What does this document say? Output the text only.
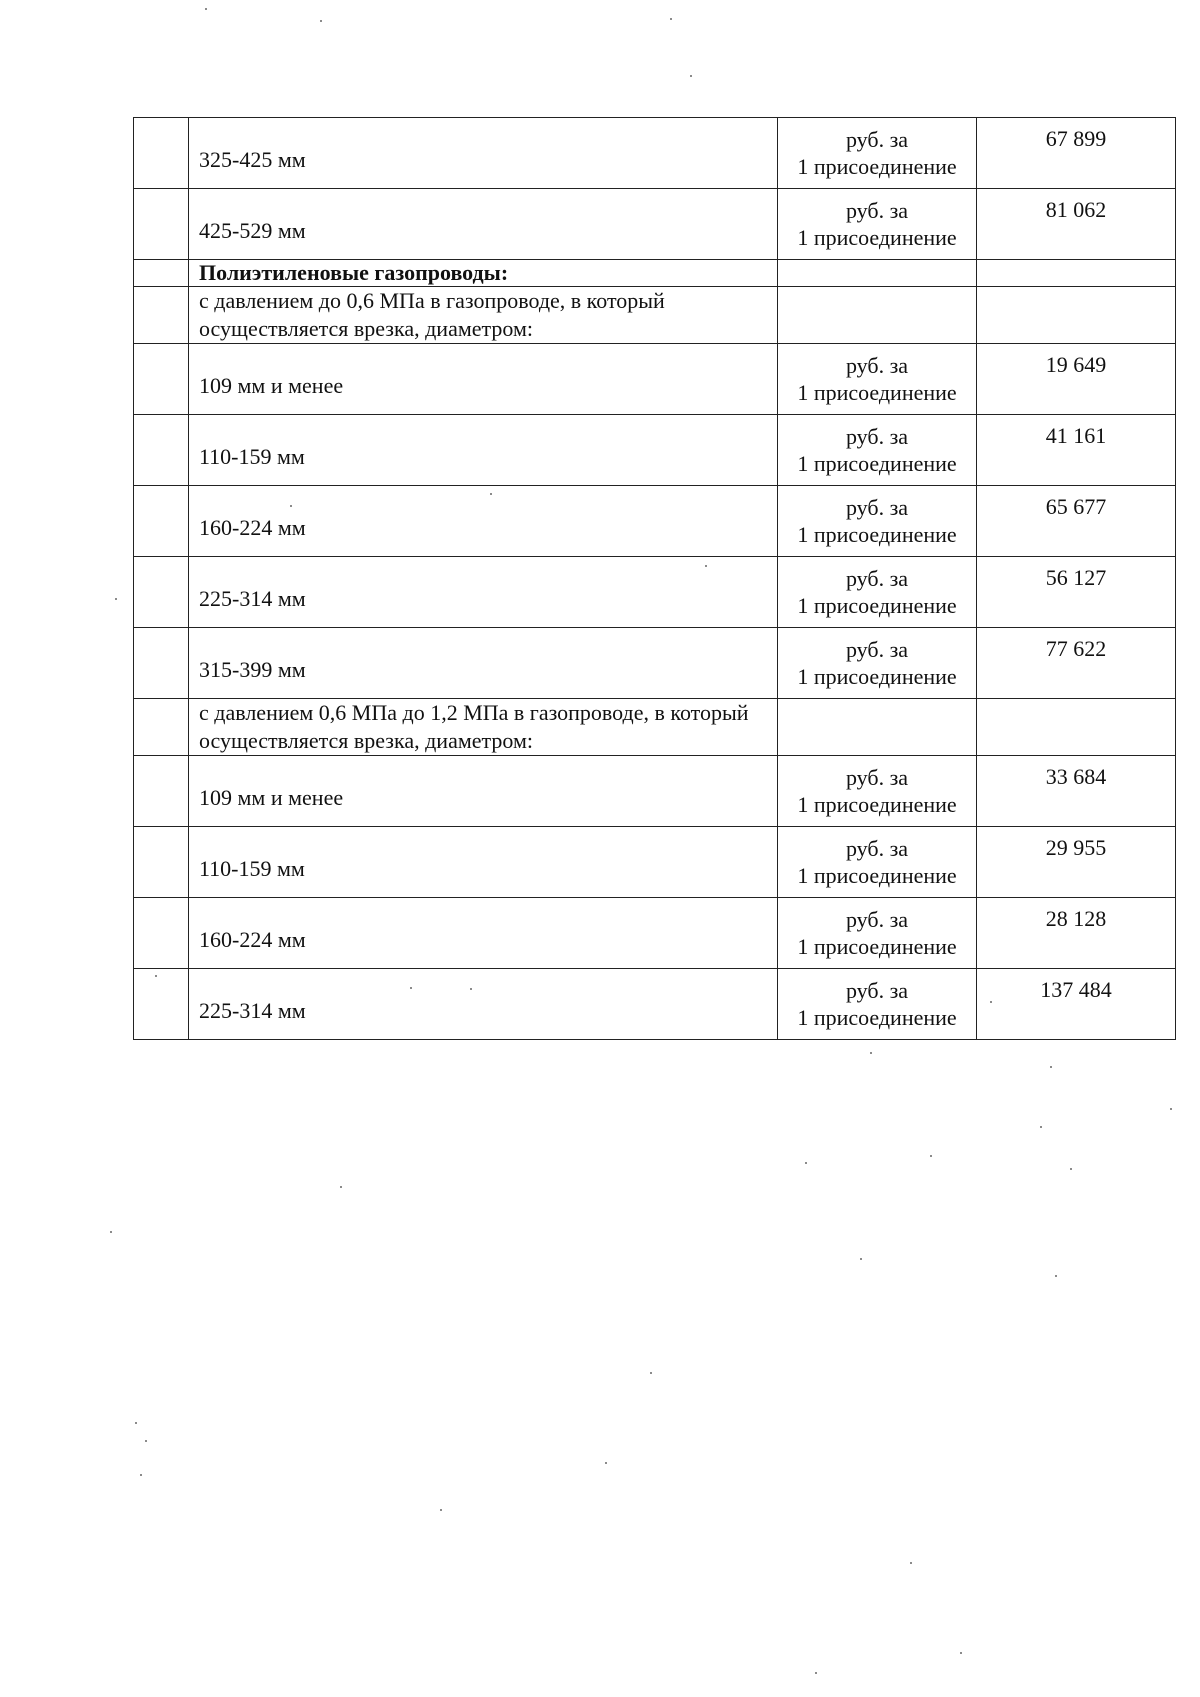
	325-425 мм	руб. за
1 присоединение	67 899
	425-529 мм	руб. за
1 присоединение	81 062
	Полиэтиленовые газопроводы:		
	с давлением до 0,6 МПа в газопроводе, в который осуществляется врезка, диаметром:		
	109 мм и менее	руб. за
1 присоединение	19 649
	110-159 мм	руб. за
1 присоединение	41 161
	160-224 мм	руб. за
1 присоединение	65 677
	225-314 мм	руб. за
1 присоединение	56 127
	315-399 мм	руб. за
1 присоединение	77 622
	с давлением 0,6 МПа до 1,2 МПа в газопроводе, в который осуществляется врезка, диаметром:		
	109 мм и менее	руб. за
1 присоединение	33 684
	110-159 мм	руб. за
1 присоединение	29 955
	160-224 мм	руб. за
1 присоединение	28 128
	225-314 мм	руб. за
1 присоединение	137 484
